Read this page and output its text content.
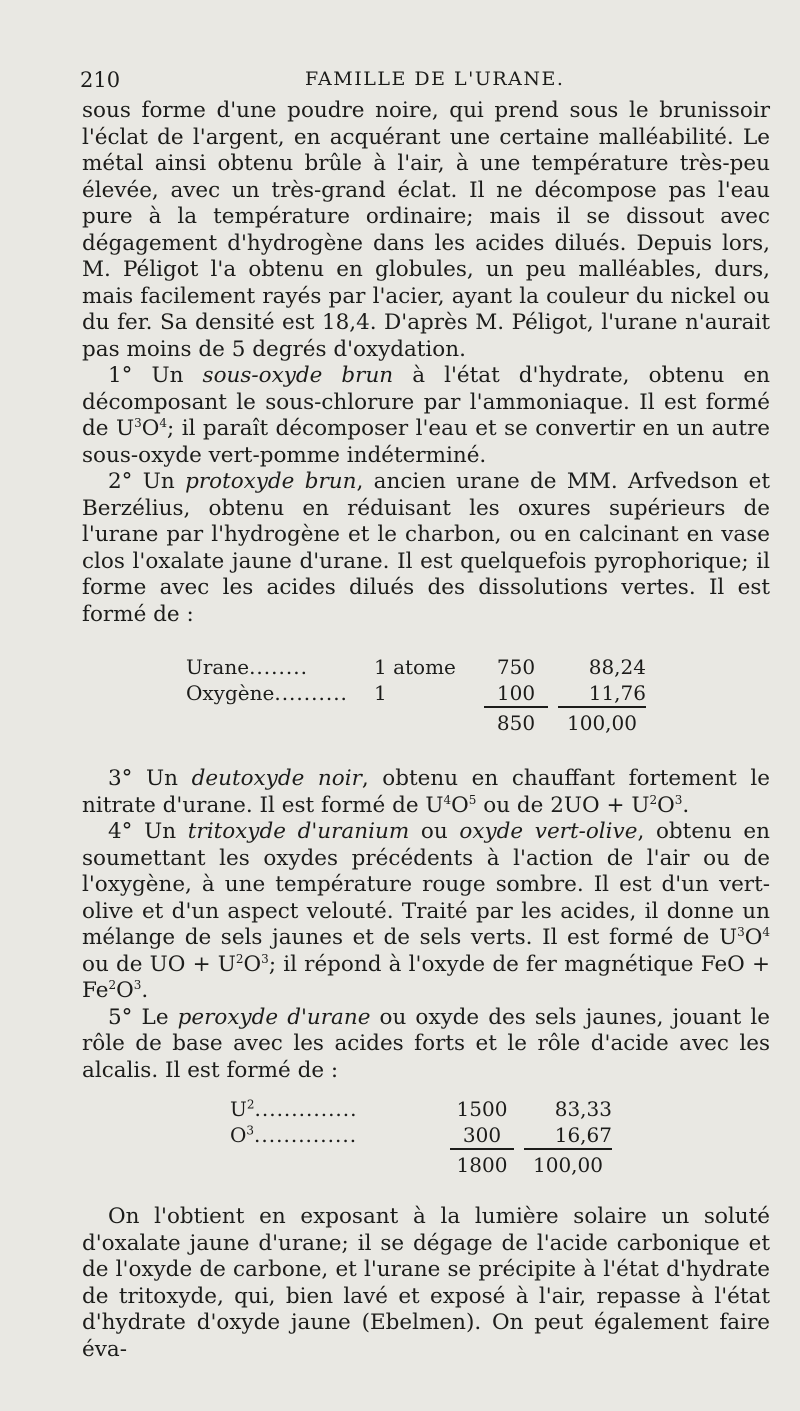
210	FAMILLE DE L'URANE.

sous forme d'une poudre noire, qui prend sous le brunissoir l'éclat de l'argent, en acquérant une certaine malléabilité. Le métal ainsi obtenu brûle à l'air, à une température très-peu élevée, avec un très-grand éclat. Il ne décompose pas l'eau pure à la température ordinaire; mais il se dissout avec dégagement d'hydrogène dans les acides dilués. Depuis lors, M. Péligot l'a obtenu en globules, un peu malléables, durs, mais facilement rayés par l'acier, ayant la couleur du nickel ou du fer. Sa densité est 18,4. D'après M. Péligot, l'urane n'aurait pas moins de 5 degrés d'oxydation.

1° Un sous-oxyde brun à l'état d'hydrate, obtenu en décomposant le sous-chlorure par l'ammoniaque. Il est formé de $U^3O^4$; il paraît décomposer l'eau et se convertir en un autre sous-oxyde vert-pomme indéterminé.

2° Un protoxyde brun, ancien urane de MM. Arfvedson et Berzélius, obtenu en réduisant les oxures supérieurs de l'urane par l'hydrogène et le charbon, ou en calcinant en vase clos l'oxalate jaune d'urane. Il est quelquefois pyrophorique; il forme avec les acides dilués des dissolutions vertes. Il est formé de :

Urane........	1 atome	750	88,24
Oxygène..........	1	100	11,76
		850	100,00

3° Un deutoxyde noir, obtenu en chauffant fortement le nitrate d'urane. Il est formé de $U^4O^5$ ou de $2UO + U^2O^3$.

4° Un tritoxyde d'uranium ou oxyde vert-olive, obtenu en soumettant les oxydes précédents à l'action de l'air ou de l'oxygène, à une température rouge sombre. Il est d'un vert-olive et d'un aspect velouté. Traité par les acides, il donne un mélange de sels jaunes et de sels verts. Il est formé de $U^3O^4$ ou de UO + $U^2O^3$; il répond à l'oxyde de fer magnétique FeO + $Fe^2O^3$.

5° Le peroxyde d'urane ou oxyde des sels jaunes, jouant le rôle de base avec les acides forts et le rôle d'acide avec les alcalis. Il est formé de :

$U^2$..............	1500	83,33
$O^3$..............	300	16,67
	1800	100,00

On l'obtient en exposant à la lumière solaire un soluté d'oxalate jaune d'urane; il se dégage de l'acide carbonique et de l'oxyde de carbone, et l'urane se précipite à l'état d'hydrate de tritoxyde, qui, bien lavé et exposé à l'air, repasse à l'état d'hydrate d'oxyde jaune (Ebelmen). On peut également faire éva-
